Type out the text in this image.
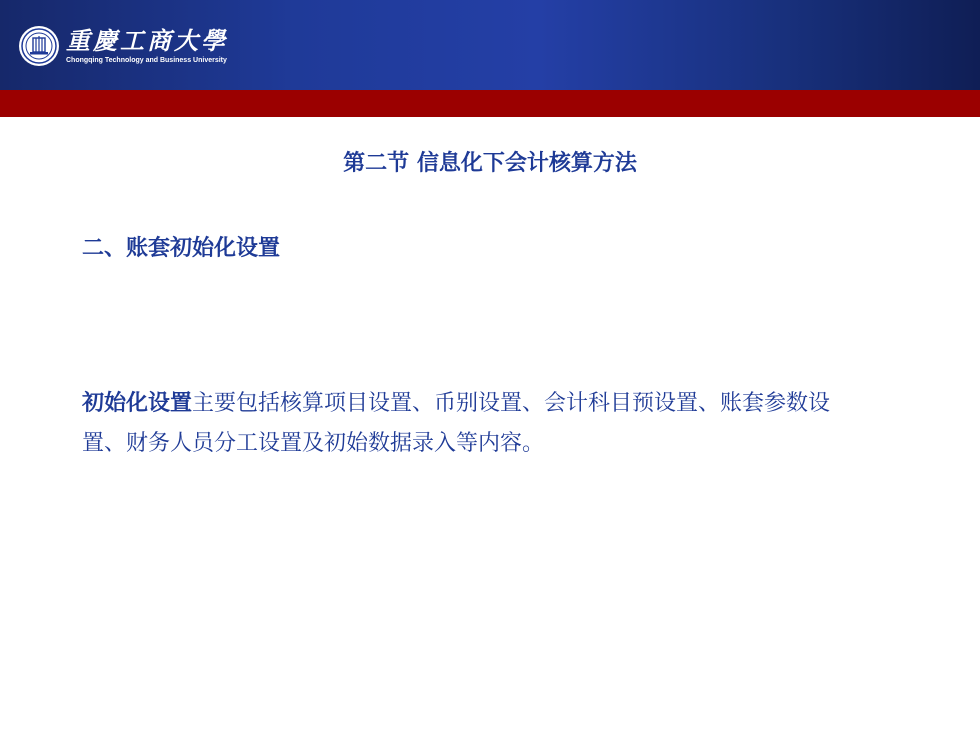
重慶工商大學
Chongqing Technology and Business University
第二节 信息化下会计核算方法
二、账套初始化设置
初始化设置主要包括核算项目设置、币别设置、会计科目预设置、账套参数设置、财务人员分工设置及初始数据录入等内容。
